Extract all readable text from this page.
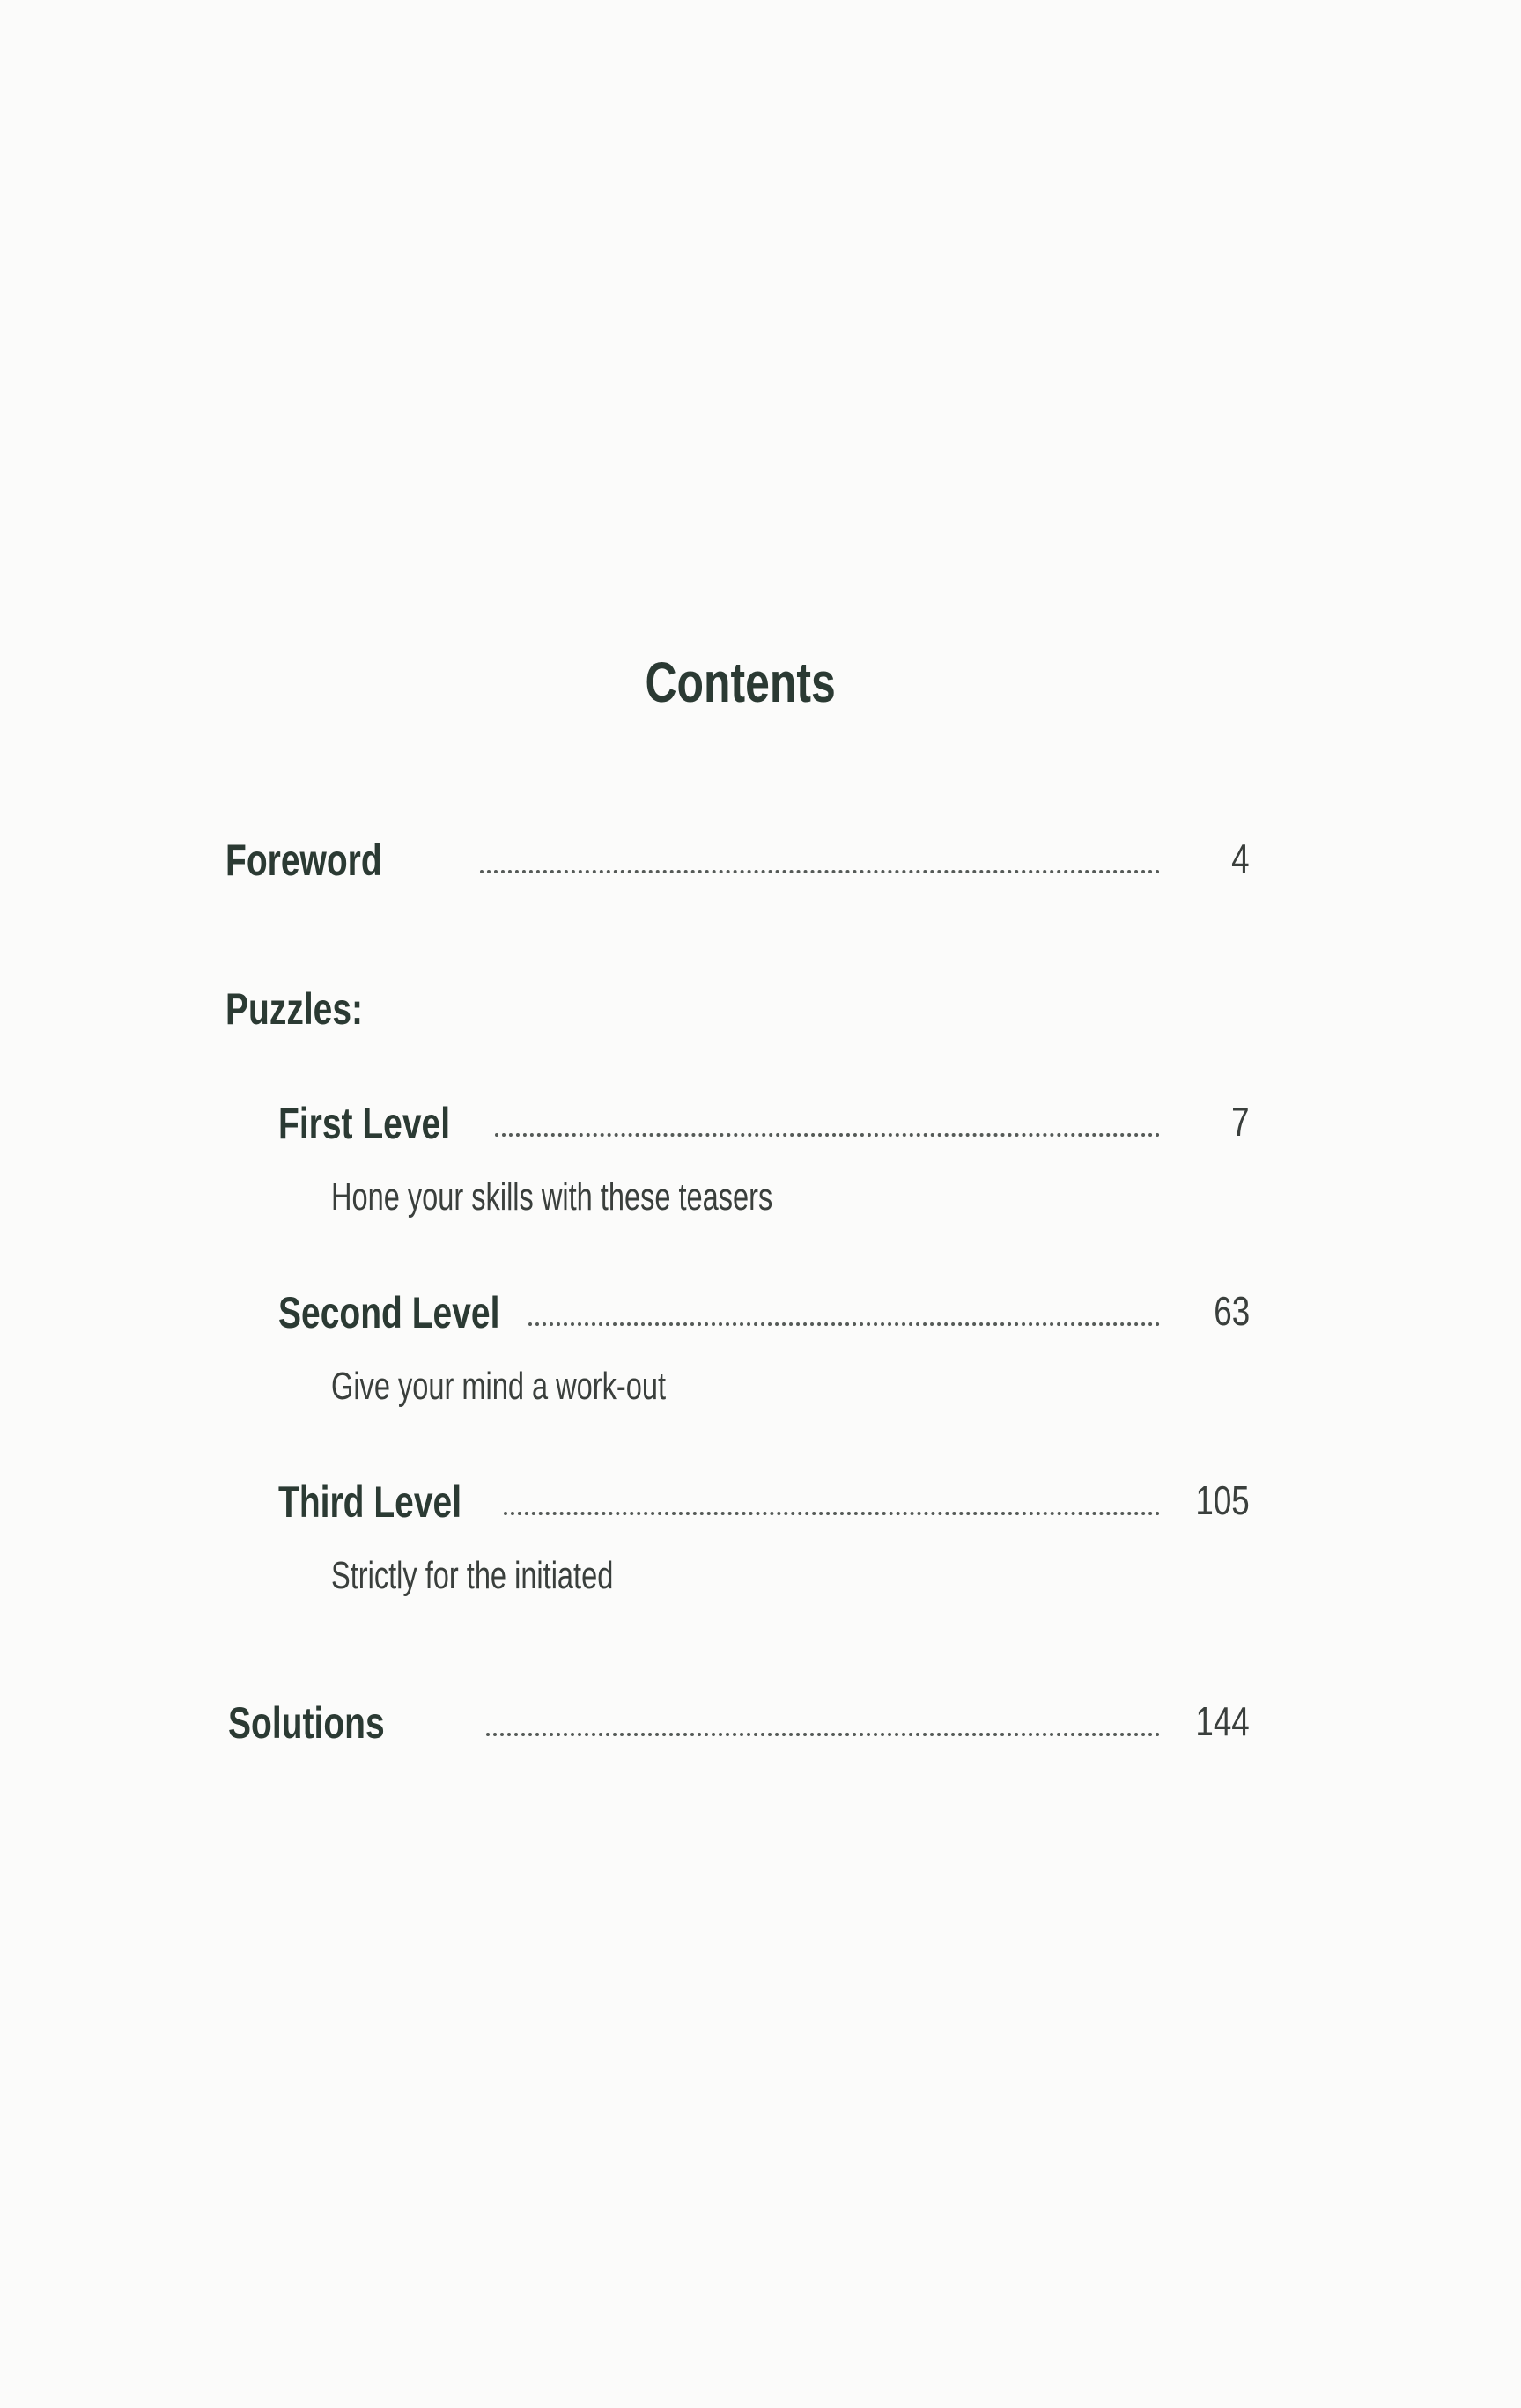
Contents
Foreword	4
Puzzles:
First Level	7
Hone your skills with these teasers
Second Level	63
Give your mind a work-out
Third Level	105
Strictly for the initiated
Solutions	144
